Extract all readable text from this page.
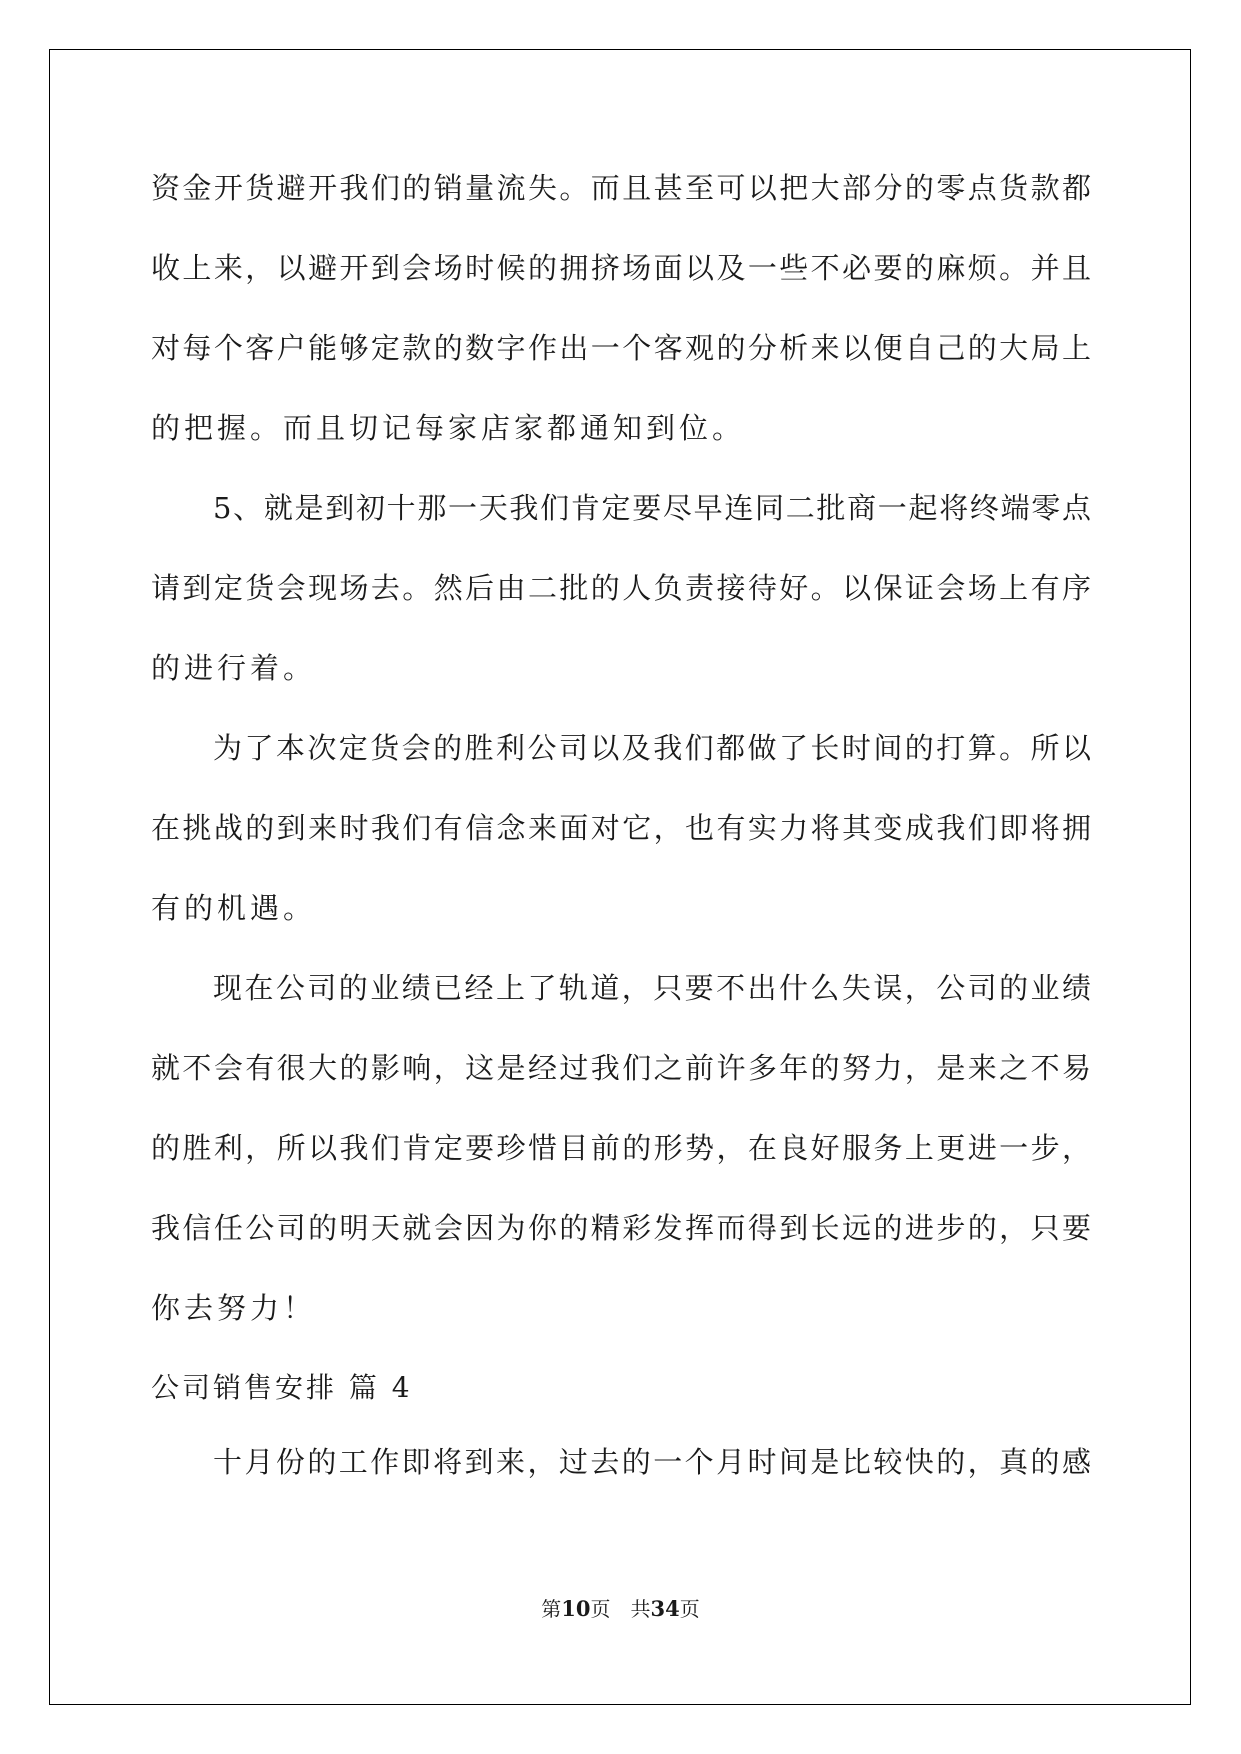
资金开货避开我们的销量流失。而且甚至可以把大部分的零点货款都
收上来，以避开到会场时候的拥挤场面以及一些不必要的麻烦。并且
对每个客户能够定款的数字作出一个客观的分析来以便自己的大局上
的把握。而且切记每家店家都通知到位。
5、就是到初十那一天我们肯定要尽早连同二批商一起将终端零点
请到定货会现场去。然后由二批的人负责接待好。以保证会场上有序
的进行着。
为了本次定货会的胜利公司以及我们都做了长时间的打算。所以
在挑战的到来时我们有信念来面对它，也有实力将其变成我们即将拥
有的机遇。
现在公司的业绩已经上了轨道，只要不出什么失误，公司的业绩
就不会有很大的影响，这是经过我们之前许多年的努力，是来之不易
的胜利，所以我们肯定要珍惜目前的形势，在良好服务上更进一步，
我信任公司的明天就会因为你的精彩发挥而得到长远的进步的，只要
你去努力！
公司销售安排 篇 4
十月份的工作即将到来，过去的一个月时间是比较快的，真的感
第10页　共34页
